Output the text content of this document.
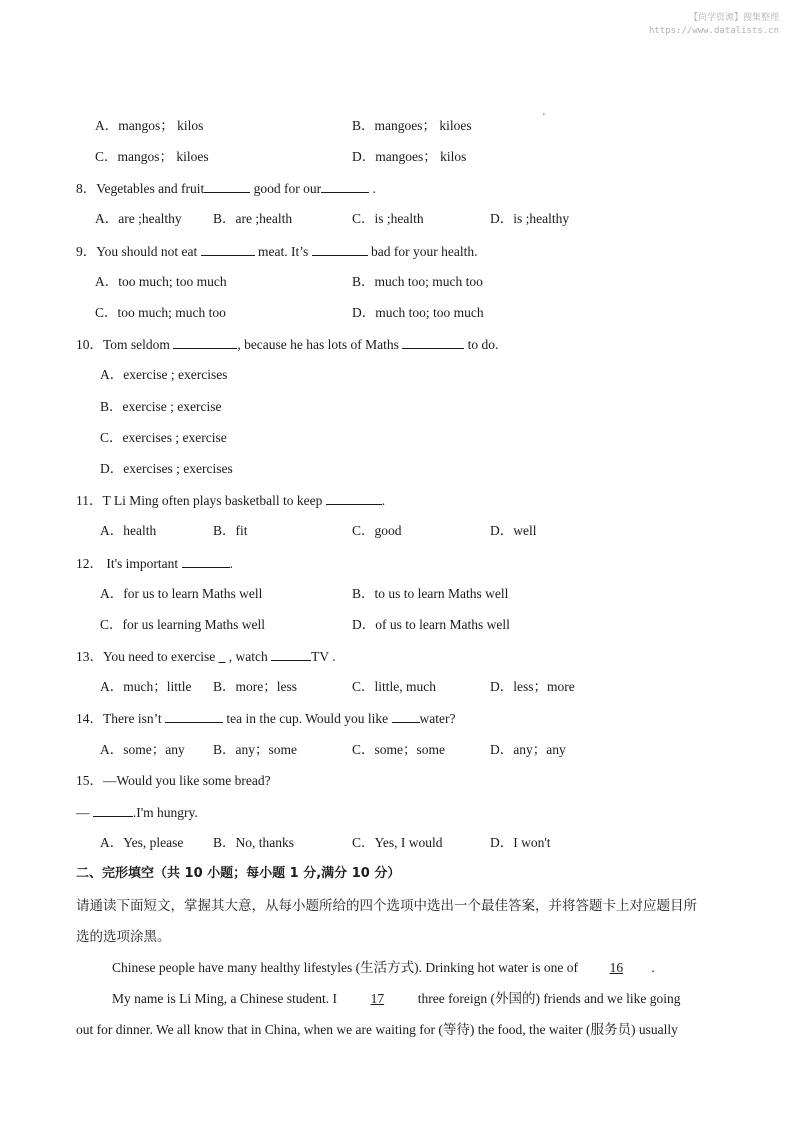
【尚学资源】搜集整理
https://www.datalists.cn
'
A．mangos； kilos	B．mangoes； kiloes
C．mangos； kiloes	D．mangoes； kilos
8．Vegetables and fruit	good for our	.
A．are ;healthy B．are ;health	C．is ;health	D．is ;healthy
9．You should not eat	meat. It’s	bad for your health.
A．too much; too much	B．much too; much too
C．too much; much too	D．much too; too much
10．Tom seldom	, because he has lots of Maths	to do.
A．exercise ; exercises
B．exercise ; exercise
C．exercises ; exercise
D．exercises ; exercises
11．T Li Ming often plays basketball to keep	.
A．health	B．fit	C．good	D．well
12． It's important	.
A．for us to learn Maths well	B．to us to learn Maths well
C．for us learning Maths well	D．of us to learn Maths well
13．You need to exercise _ , watch	TV .
A．much；little B．more；less	C．little, much	D．less；more
14．There isn’t	tea in the cup. Would you like water?
A．some；any B．any；some	C．some；some	D．any；any
15．—Would you like some bread?
—	.I'm hungry.
A．Yes, please B．No, thanks	C．Yes, I would	D．I won't
二、完形填空（共 10 小题；每小题 1 分,满分 10 分）
请通读下面短文，掌握其大意，从每小题所给的四个选项中选出一个最佳答案，并将答题卡上对应题目所
选的选项涂黑。
Chinese people have many healthy lifestyles (生活方式). Drinking hot water is one of 16 .
My name is Li Ming, a Chinese student. I 17 three foreign (外国的) friends and we like going
out for dinner. We all know that in China, when we are waiting for (等待) the food, the waiter (服务员) usually
